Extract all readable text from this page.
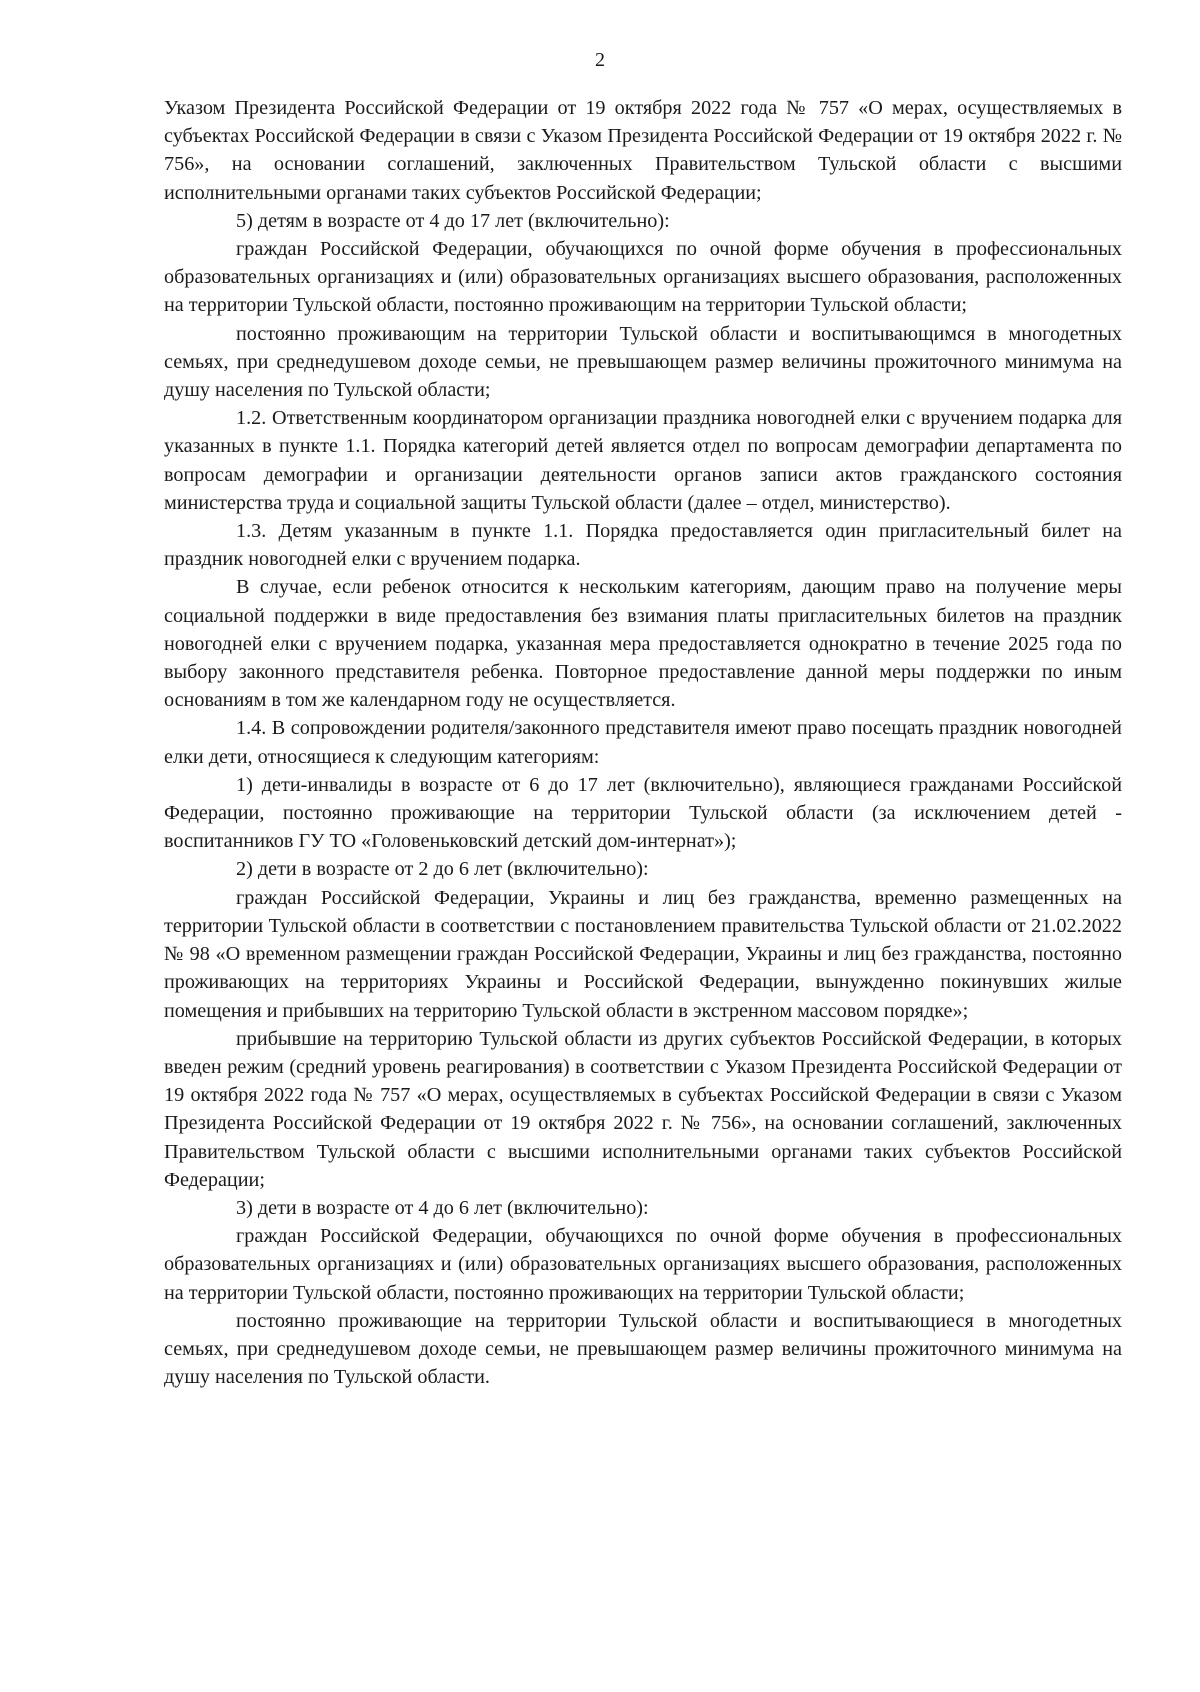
2

Указом Президента Российской Федерации от 19 октября 2022 года № 757 «О мерах, осуществляемых в субъектах Российской Федерации в связи с Указом Президента Российской Федерации от 19 октября 2022 г. № 756», на основании соглашений, заключенных Правительством Тульской области с высшими исполнительными органами таких субъектов Российской Федерации;

5) детям в возрасте от 4 до 17 лет (включительно):

граждан Российской Федерации, обучающихся по очной форме обучения в профессиональных образовательных организациях и (или) образовательных организациях высшего образования, расположенных на территории Тульской области, постоянно проживающим на территории Тульской области;

постоянно проживающим на территории Тульской области и воспитывающимся в многодетных семьях, при среднедушевом доходе семьи, не превышающем размер величины прожиточного минимума на душу населения по Тульской области;

1.2. Ответственным координатором организации праздника новогодней елки с вручением подарка для указанных в пункте 1.1. Порядка категорий детей является отдел по вопросам демографии департамента по вопросам демографии и организации деятельности органов записи актов гражданского состояния министерства труда и социальной защиты Тульской области (далее – отдел, министерство).

1.3. Детям указанным в пункте 1.1. Порядка предоставляется один пригласительный билет на праздник новогодней елки с вручением подарка.

В случае, если ребенок относится к нескольким категориям, дающим право на получение меры социальной поддержки в виде предоставления без взимания платы пригласительных билетов на праздник новогодней елки с вручением подарка, указанная мера предоставляется однократно в течение 2025 года по выбору законного представителя ребенка. Повторное предоставление данной меры поддержки по иным основаниям в том же календарном году не осуществляется.

1.4. В сопровождении родителя/законного представителя имеют право посещать праздник новогодней елки дети, относящиеся к следующим категориям:

1) дети-инвалиды в возрасте от 6 до 17 лет (включительно), являющиеся гражданами Российской Федерации, постоянно проживающие на территории Тульской области (за исключением детей - воспитанников ГУ ТО «Головеньковский детский дом-интернат»);

2) дети в возрасте от 2 до 6 лет (включительно):

граждан Российской Федерации, Украины и лиц без гражданства, временно размещенных на территории Тульской области в соответствии с постановлением правительства Тульской области от 21.02.2022 № 98 «О временном размещении граждан Российской Федерации, Украины и лиц без гражданства, постоянно проживающих на территориях Украины и Российской Федерации, вынужденно покинувших жилые помещения и прибывших на территорию Тульской области в экстренном массовом порядке»;

прибывшие на территорию Тульской области из других субъектов Российской Федерации, в которых введен режим (средний уровень реагирования) в соответствии с Указом Президента Российской Федерации от 19 октября 2022 года № 757 «О мерах, осуществляемых в субъектах Российской Федерации в связи с Указом Президента Российской Федерации от 19 октября 2022 г. № 756», на основании соглашений, заключенных Правительством Тульской области с высшими исполнительными органами таких субъектов Российской Федерации;

3) дети в возрасте от 4 до 6 лет (включительно):

граждан Российской Федерации, обучающихся по очной форме обучения в профессиональных образовательных организациях и (или) образовательных организациях высшего образования, расположенных на территории Тульской области, постоянно проживающих на территории Тульской области;

постоянно проживающие на территории Тульской области и воспитывающиеся в многодетных семьях, при среднедушевом доходе семьи, не превышающем размер величины прожиточного минимума на душу населения по Тульской области.
